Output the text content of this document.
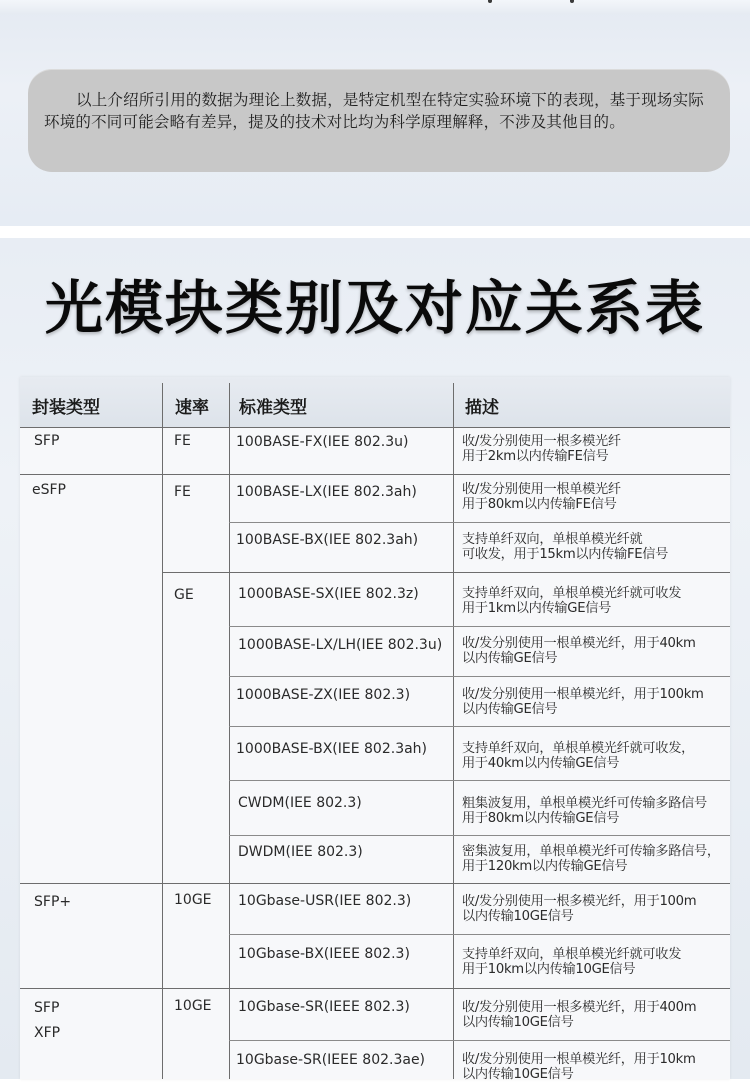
以上介绍所引用的数据为理论上数据，是特定机型在特定实验环境下的表现，基于现场实际环境的不同可能会略有差异，提及的技术对比均为科学原理解释，不涉及其他目的。

光模块类别及对应关系表
封装类型	速率 标准类型	描述
SFP
eSFP
SFP+
SFP
XFP
FE
FE
GE
10GE
10GE
100BASE-FX(IEE 802.3u)
100BASE-LX(IEE 802.3ah)
100BASE-BX(IEE 802.3ah)
1000BASE-SX(IEE 802.3z)
1000BASE-LX/LH(IEE 802.3u)
1000BASE-ZX(IEE 802.3)
1000BASE-BX(IEE 802.3ah)
CWDM(IEE 802.3)
DWDM(IEE 802.3)
10Gbase-USR(IEE 802.3)
10Gbase-BX(IEEE 802.3)
10Gbase-SR(IEEE 802.3)
10Gbase-SR(IEEE 802.3ae)
收/发分别使用一根多模光纤
用于2km以内传输FE信号
收/发分别使用一根单模光纤
用于80km以内传输FE信号
支持单纤双向，单根单模光纤就
可收发，用于15km以内传输FE信号
支持单纤双向，单根单模光纤就可收发
用于1km以内传输GE信号
收/发分别使用一根单模光纤，用于40km
以内传输GE信号
收/发分别使用一根单模光纤，用于100km
以内传输GE信号
支持单纤双向，单根单模光纤就可收发，
用于40km以内传输GE信号
粗集波复用，单根单模光纤可传输多路信号
用于80km以内传输GE信号
密集波复用，单根单模光纤可传输多路信号，
用于120km以内传输GE信号
收/发分别使用一根多模光纤，用于100m
以内传输10GE信号
支持单纤双向，单根单模光纤就可收发
用于10km以内传输10GE信号
收/发分别使用一根多模光纤，用于400m
以内传输10GE信号
收/发分别使用一根单模光纤，用于10km
以内传输10GE信号
